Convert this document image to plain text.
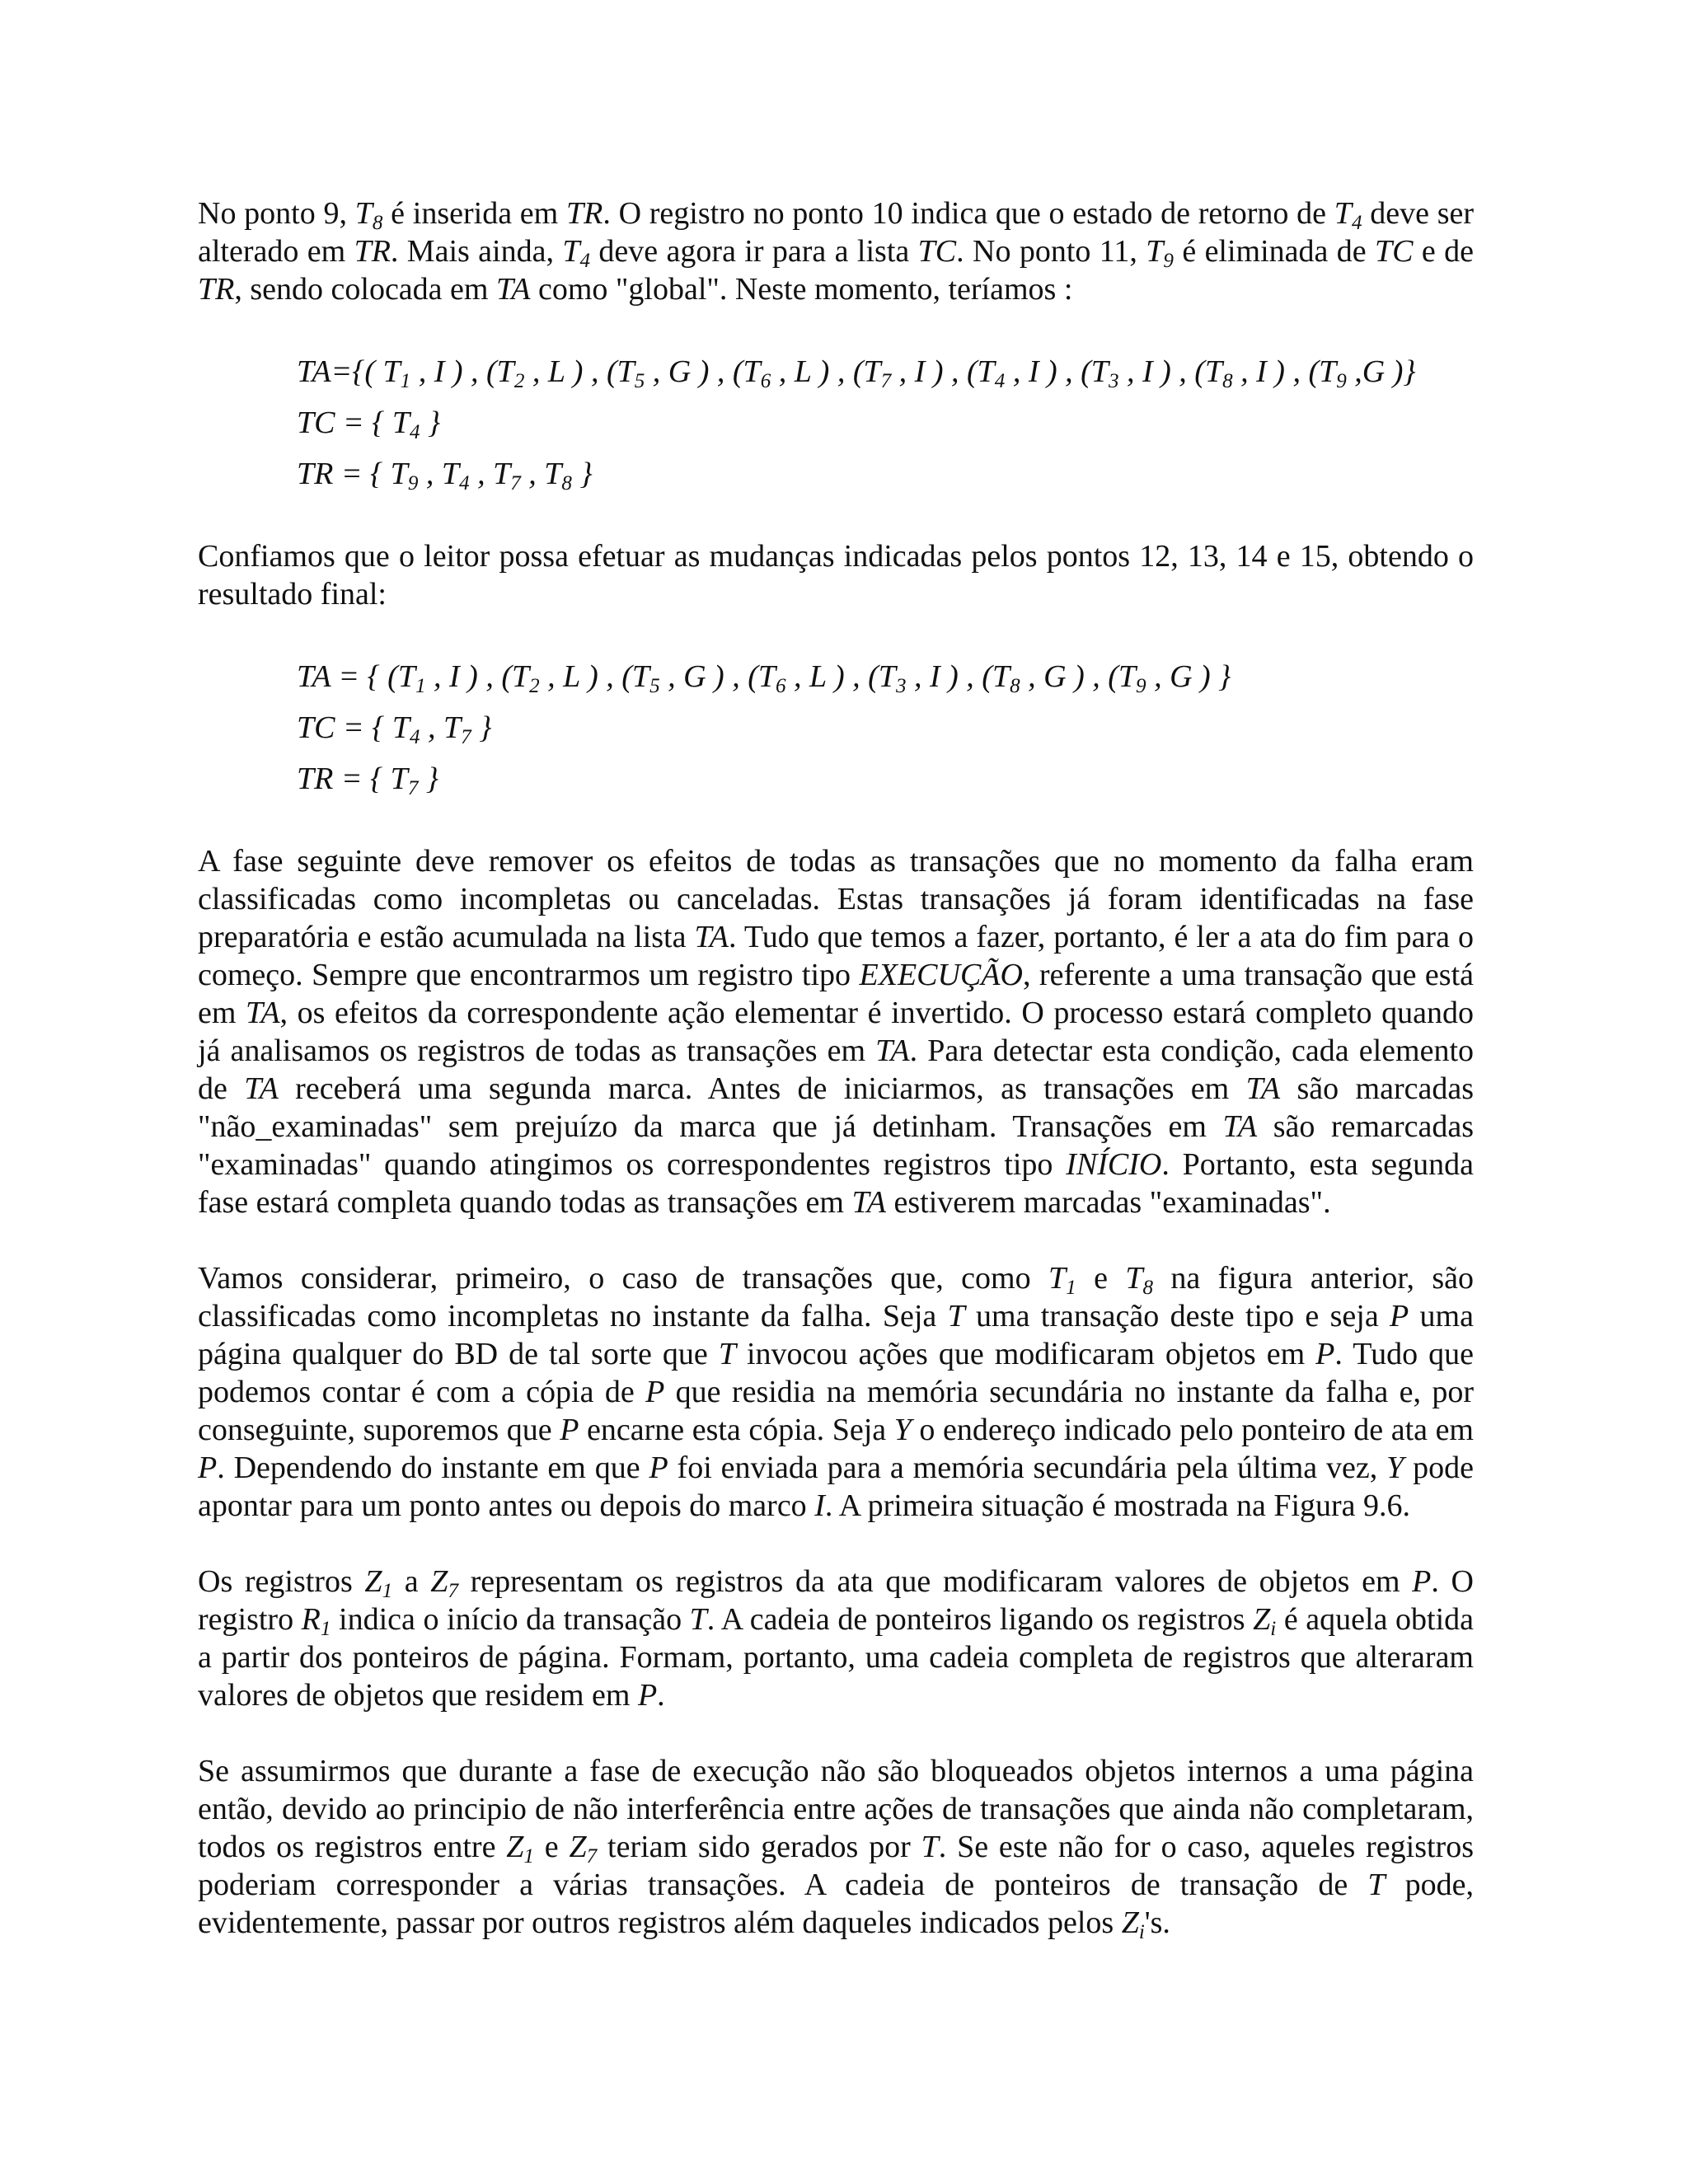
No ponto 9, $T_8$ é inserida em TR. O registro no ponto 10 indica que o estado de retorno de $T_4$ deve ser alterado em TR. Mais ainda, $T_4$ deve agora ir para a lista TC. No ponto 11, $T_9$ é eliminada de TC e de TR, sendo colocada em TA como "global". Neste momento, teríamos :

TA={( $T_1$ , I ) , ($T_2$ , L ) , ($T_5$ , G ) , ($T_6$ , L ) , ($T_7$ , I ) , ($T_4$ , I ) , ($T_3$ , I ) , ($T_8$ , I ) , ($T_9$ ,G )}
TC = { $T_4$ }
TR = { $T_9$ , $T_4$ , $T_7$ , $T_8$ }

Confiamos que o leitor possa efetuar as mudanças indicadas pelos pontos 12, 13, 14 e 15, obtendo o resultado final:

TA = { ($T_1$ , I ) , ($T_2$ , L ) , ($T_5$ , G ) , ($T_6$ , L ) , ($T_3$ , I ) , ($T_8$ , G ) , ($T_9$ , G ) }
TC = { $T_4$ , $T_7$ }
TR = { $T_7$ }

A fase seguinte deve remover os efeitos de todas as transações que no momento da falha eram classificadas como incompletas ou canceladas. Estas transações já foram identificadas na fase preparatória e estão acumulada na lista TA. Tudo que temos a fazer, portanto, é ler a ata do fim para o começo. Sempre que encontrarmos um registro tipo EXECUÇÃO, referente a uma transação que está em TA, os efeitos da correspondente ação elementar é invertido. O processo estará completo quando já analisamos os registros de todas as transações em TA. Para detectar esta condição, cada elemento de TA receberá uma segunda marca. Antes de iniciarmos, as transações em TA são marcadas "não_examinadas" sem prejuízo da marca que já detinham. Transações em TA são remarcadas "examinadas" quando atingimos os correspondentes registros tipo INÍCIO. Portanto, esta segunda fase estará completa quando todas as transações em TA estiverem marcadas "examinadas".

Vamos considerar, primeiro, o caso de transações que, como $T_1$ e $T_8$ na figura anterior, são classificadas como incompletas no instante da falha. Seja T uma transação deste tipo e seja P uma página qualquer do BD de tal sorte que T invocou ações que modificaram objetos em P. Tudo que podemos contar é com a cópia de P que residia na memória secundária no instante da falha e, por conseguinte, suporemos que P encarne esta cópia. Seja Y o endereço indicado pelo ponteiro de ata em P. Dependendo do instante em que P foi enviada para a memória secundária pela última vez, Y pode apontar para um ponto antes ou depois do marco I. A primeira situação é mostrada na Figura 9.6.

Os registros $Z_1$ a $Z_7$ representam os registros da ata que modificaram valores de objetos em P. O registro $R_1$ indica o início da transação T. A cadeia de ponteiros ligando os registros $Z_i$ é aquela obtida a partir dos ponteiros de página. Formam, portanto, uma cadeia completa de registros que alteraram valores de objetos que residem em P.

Se assumirmos que durante a fase de execução não são bloqueados objetos internos a uma página então, devido ao principio de não interferência entre ações de transações que ainda não completaram, todos os registros entre $Z_1$ e $Z_7$ teriam sido gerados por T. Se este não for o caso, aqueles registros poderiam corresponder a várias transações. A cadeia de ponteiros de transação de T pode, evidentemente, passar por outros registros além daqueles indicados pelos $Z_i's$.
